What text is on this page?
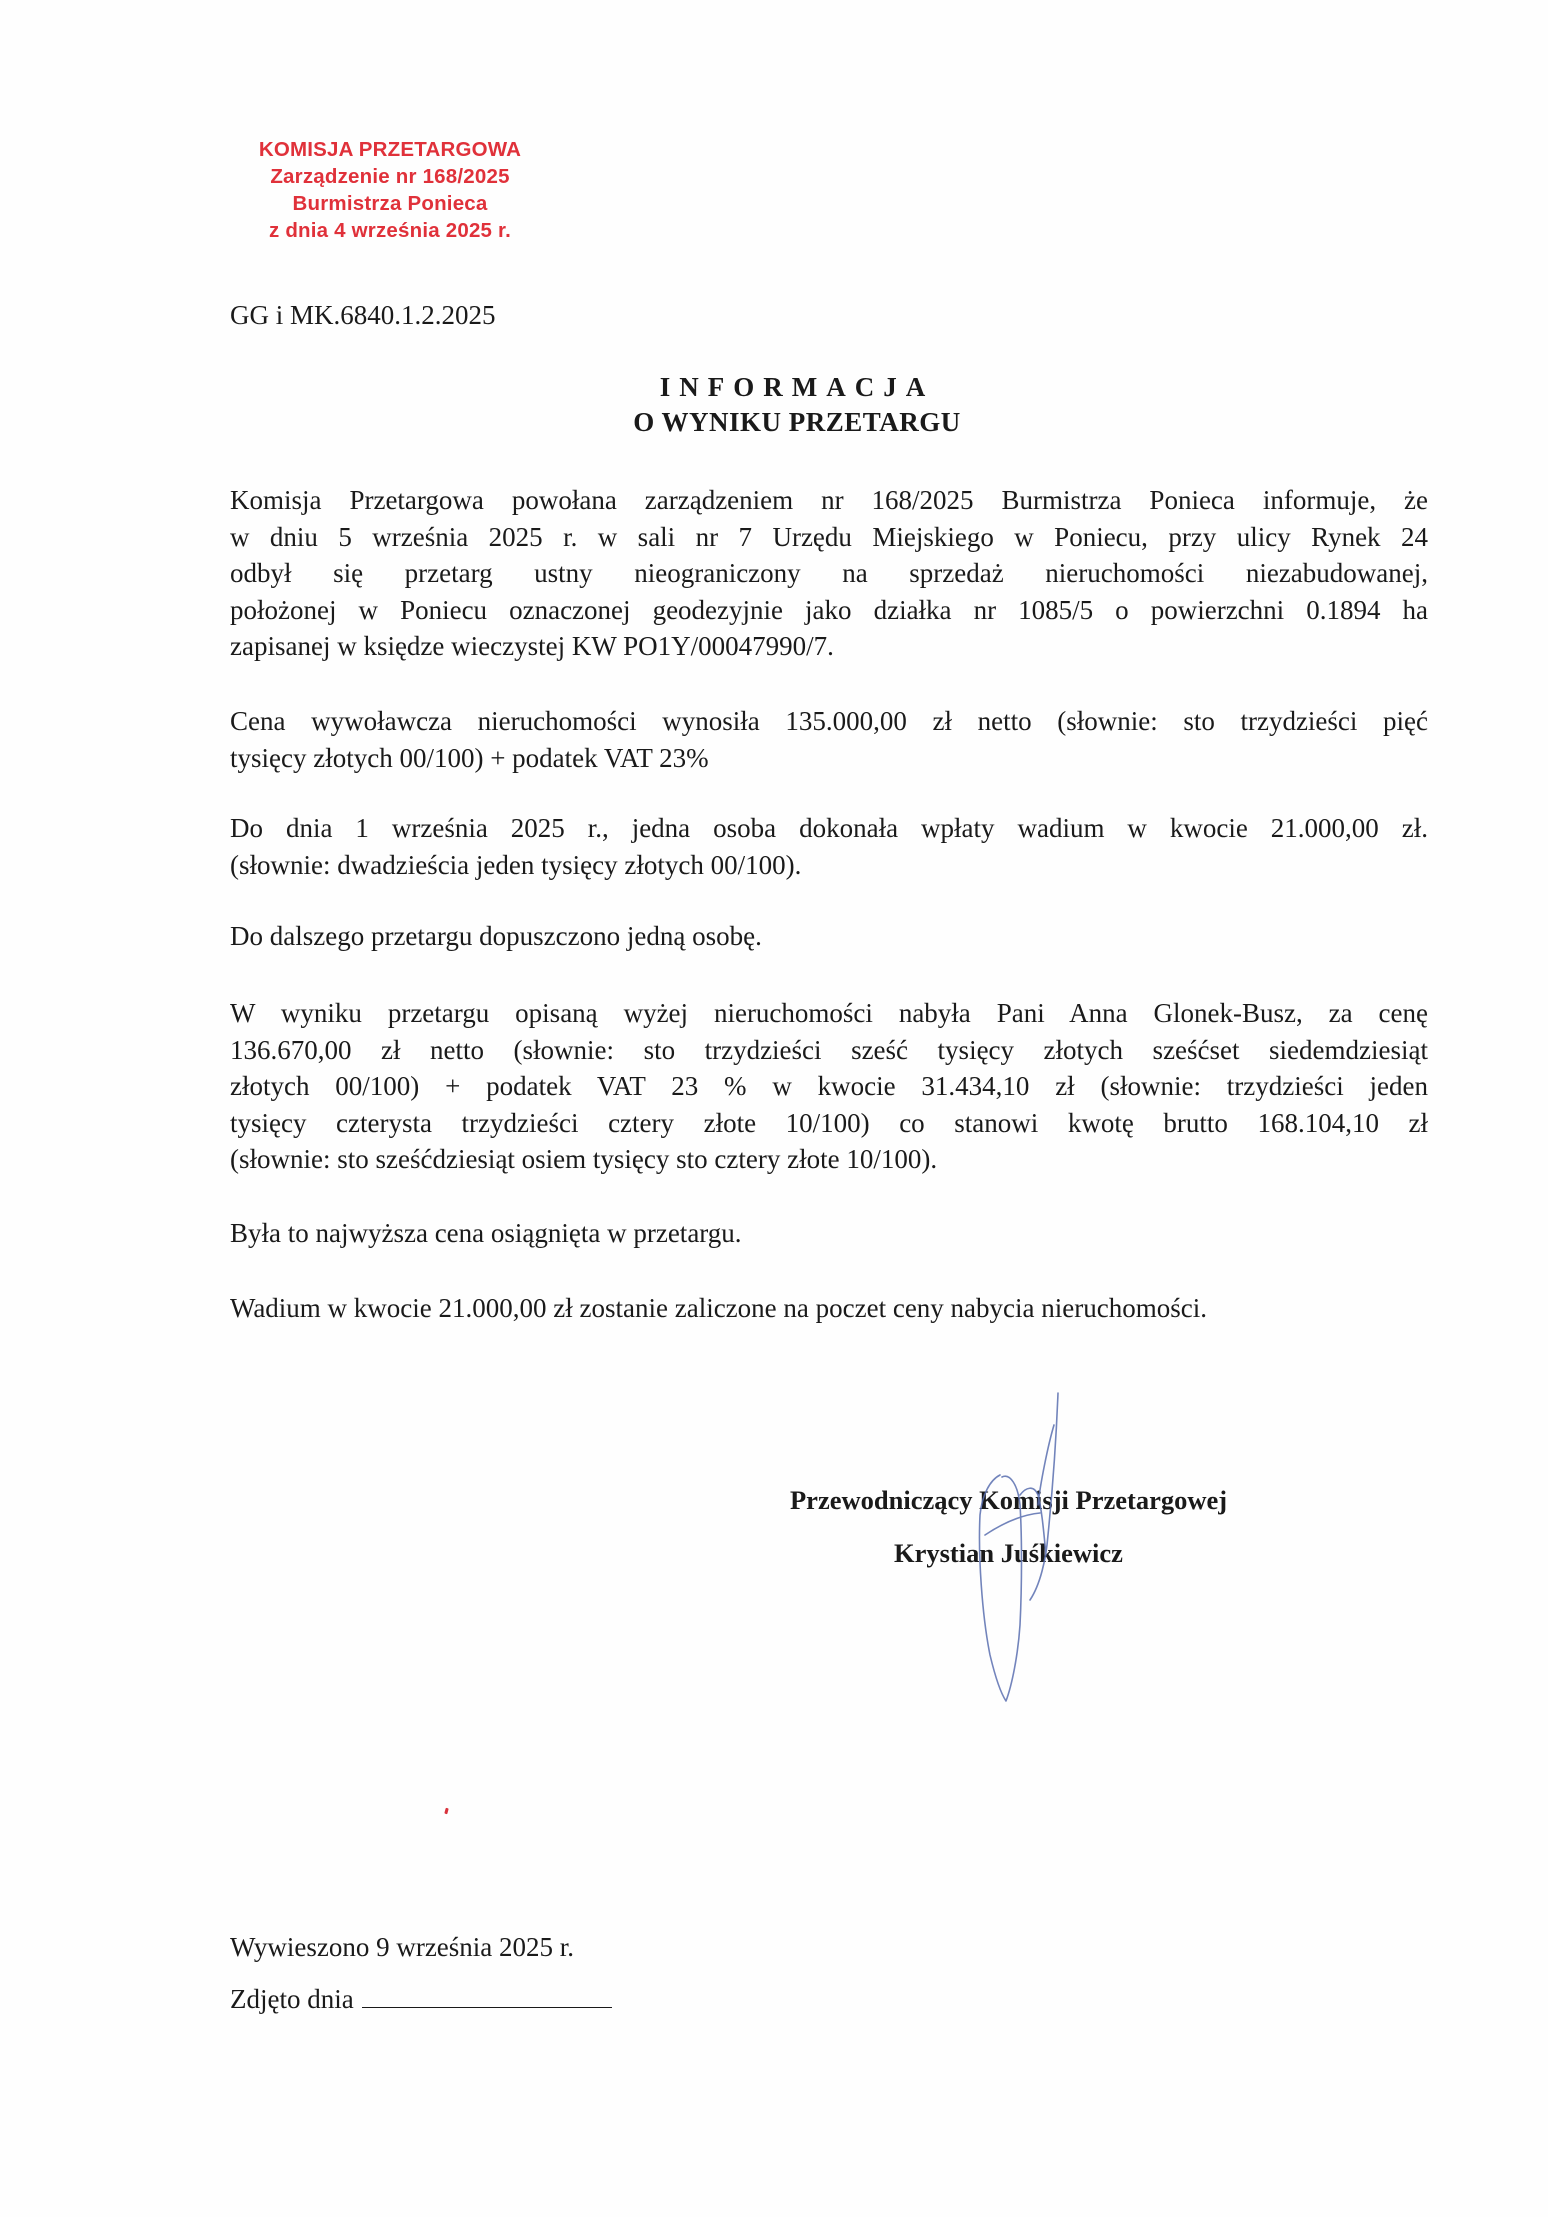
KOMISJA PRZETARGOWA
Zarządzenie nr 168/2025
Burmistrza Ponieca
z dnia 4 września 2025 r.
GG i MK.6840.1.2.2025
INFORMACJA
O WYNIKU PRZETARGU
Komisja Przetargowa powołana zarządzeniem nr 168/2025 Burmistrza Ponieca informuje, że
w dniu 5 września 2025 r. w sali nr 7 Urzędu Miejskiego w Poniecu, przy ulicy Rynek 24
odbył się przetarg ustny nieograniczony na sprzedaż nieruchomości niezabudowanej,
położonej w Poniecu oznaczonej geodezyjnie jako działka nr 1085/5 o powierzchni 0.1894 ha
zapisanej w księdze wieczystej KW PO1Y/00047990/7.
Cena wywoławcza nieruchomości wynosiła 135.000,00 zł netto (słownie: sto trzydzieści pięć
tysięcy złotych 00/100) + podatek VAT 23%
Do dnia 1 września 2025 r., jedna osoba dokonała wpłaty wadium w kwocie 21.000,00 zł.
(słownie: dwadzieścia jeden tysięcy złotych 00/100).
Do dalszego przetargu dopuszczono jedną osobę.
W wyniku przetargu opisaną wyżej nieruchomości nabyła Pani Anna Glonek-Busz, za cenę
136.670,00 zł netto (słownie: sto trzydzieści sześć tysięcy złotych sześćset siedemdziesiąt
złotych 00/100) + podatek VAT 23 % w kwocie 31.434,10 zł (słownie: trzydzieści jeden
tysięcy czterysta trzydzieści cztery złote 10/100) co stanowi kwotę brutto 168.104,10 zł
(słownie: sto sześćdziesiąt osiem tysięcy sto cztery złote 10/100).
Była to najwyższa cena osiągnięta w przetargu.
Wadium w kwocie 21.000,00 zł zostanie zaliczone na poczet ceny nabycia nieruchomości.
Przewodniczący Komisji Przetargowej
Krystian Juśkiewicz
Wywieszono 9 września 2025 r.
Zdjęto dnia
